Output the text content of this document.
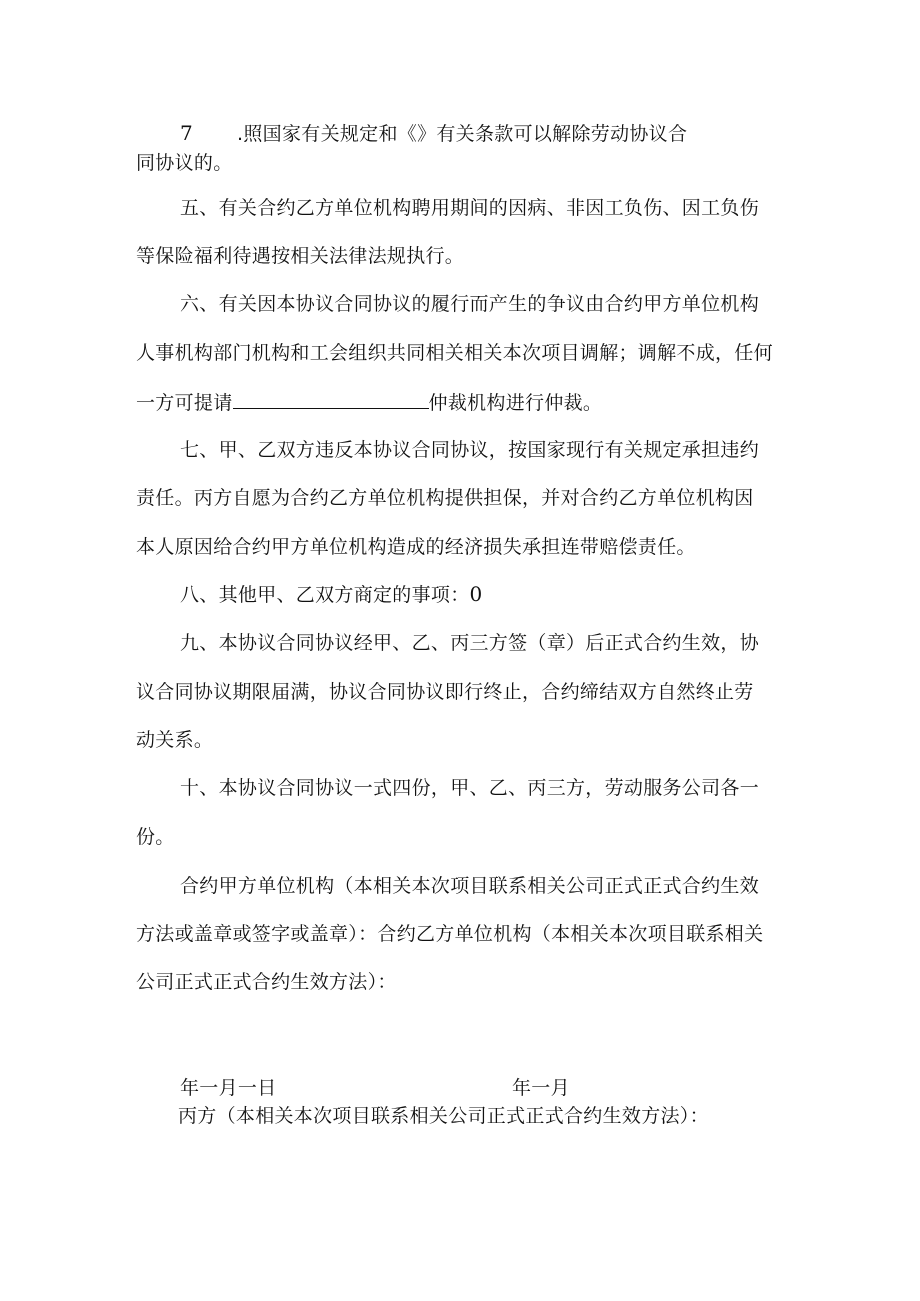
7 .照国家有关规定和《》有关条款可以解除劳动协议合
同协议的。
五、有关合约乙方单位机构聘用期间的因病、非因工负伤、因工负伤
等保险福利待遇按相关法律法规执行。
六、有关因本协议合同协议的履行而产生的争议由合约甲方单位机构
人事机构部门机构和工会组织共同相关相关本次项目调解；调解不成，任何
一方可提请	仲裁机构进行仲裁。
七、甲、乙双方违反本协议合同协议，按国家现行有关规定承担违约
责任。丙方自愿为合约乙方单位机构提供担保，并对合约乙方单位机构因
本人原因给合约甲方单位机构造成的经济损失承担连带赔偿责任。
八、其他甲、乙双方商定的事项：0
九、本协议合同协议经甲、乙、丙三方签（章）后正式合约生效，协
议合同协议期限届满，协议合同协议即行终止，合约缔结双方自然终止劳
动关系。
十、本协议合同协议一式四份，甲、乙、丙三方，劳动服务公司各一
份。
合约甲方单位机构（本相关本次项目联系相关公司正式正式合约生效
方法或盖章或签字或盖章）：合约乙方单位机构（本相关本次项目联系相关
公司正式正式合约生效方法）：
年一月一日	年一月
丙方（本相关本次项目联系相关公司正式正式合约生效方法）：
